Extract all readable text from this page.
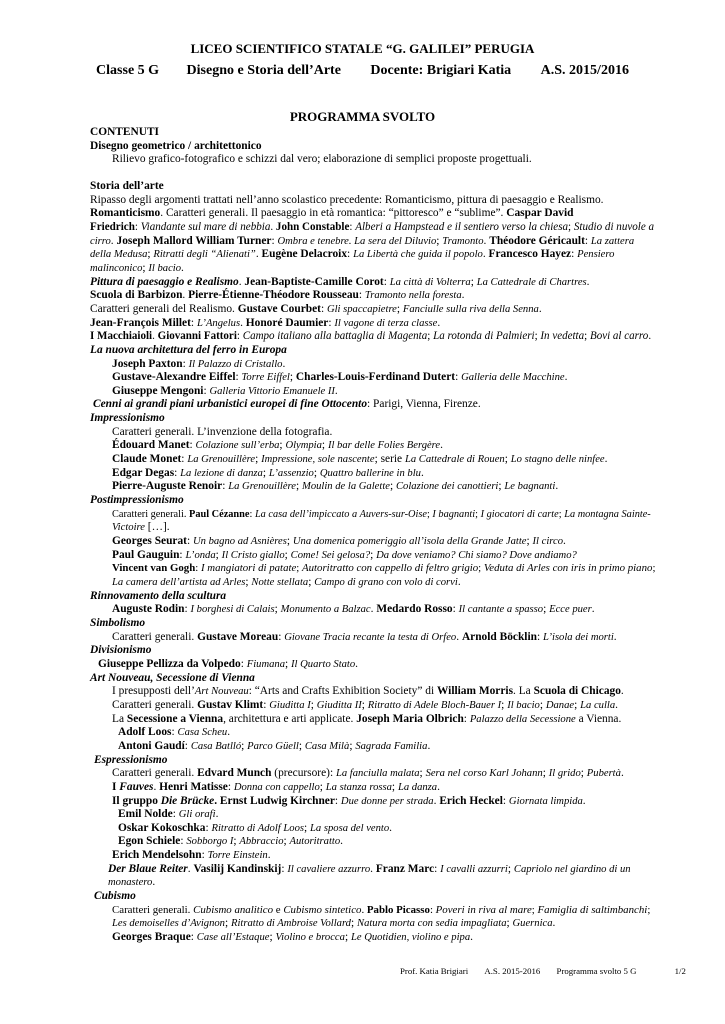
LICEO SCIENTIFICO STATALE “G. GALILEI” PERUGIA
Classe 5 G Disegno e Storia dell’Arte Docente: Brigiari Katia A.S. 2015/2016
PROGRAMMA SVOLTO
CONTENUTI
Disegno geometrico / architettonico
Rilievo grafico-fotografico e schizzi dal vero; elaborazione di semplici proposte progettuali.
Storia dell’arte
Ripasso degli argomenti trattati nell’anno scolastico precedente: Romanticismo, pittura di paesaggio e Realismo.
Romanticismo. Caratteri generali. Il paesaggio in età romantica: “pittoresco” e “sublime”. Caspar David
Friedrich: Viandante sul mare di nebbia. John Constable: Alberi a Hampstead e il sentiero verso la chiesa; Studio di nuvole a
cirro. Joseph Mallord William Turner: Ombra e tenebre. La sera del Diluvio; Tramonto. Théodore Géricault: La zattera
della Medusa; Ritratti degli “Alienati”. Eugène Delacroix: La Libertà che guida il popolo. Francesco Hayez: Pensiero
malinconico; Il bacio.
Pittura di paesaggio e Realismo. Jean-Baptiste-Camille Corot: La città di Volterra; La Cattedrale di Chartres.
Scuola di Barbizon. Pierre-Étienne-Théodore Rousseau: Tramonto nella foresta.
Caratteri generali del Realismo. Gustave Courbet: Gli spaccapietre; Fanciulle sulla riva della Senna.
Jean-François Millet: L’Angelus. Honoré Daumier: Il vagone di terza classe.
I Macchiaioli. Giovanni Fattori: Campo italiano alla battaglia di Magenta; La rotonda di Palmieri; In vedetta; Bovi al carro.
La nuova architettura del ferro in Europa
Joseph Paxton: Il Palazzo di Cristallo.
Gustave-Alexandre Eiffel: Torre Eiffel; Charles-Louis-Ferdinand Dutert: Galleria delle Macchine.
Giuseppe Mengoni: Galleria Vittorio Emanuele II.
Cenni ai grandi piani urbanistici europei di fine Ottocento: Parigi, Vienna, Firenze.
Impressionismo
Caratteri generali. L’invenzione della fotografia.
Édouard Manet: Colazione sull’erba; Olympia; Il bar delle Folies Bergère.
Claude Monet: La Grenouillère; Impressione, sole nascente; serie La Cattedrale di Rouen; Lo stagno delle ninfee.
Edgar Degas: La lezione di danza; L’assenzio; Quattro ballerine in blu.
Pierre-Auguste Renoir: La Grenouillère; Moulin de la Galette; Colazione dei canottieri; Le bagnanti.
Postimpressionismo
Caratteri generali. Paul Cézanne: La casa dell’impiccato a Auvers-sur-Oise; I bagnanti; I giocatori di carte; La montagna Sainte-
Victoire […].
Georges Seurat: Un bagno ad Asnières; Una domenica pomeriggio all’isola della Grande Jatte; Il circo.
Paul Gauguin: L’onda; Il Cristo giallo; Come! Sei gelosa?; Da dove veniamo? Chi siamo? Dove andiamo?
Vincent van Gogh: I mangiatori di patate; Autoritratto con cappello di feltro grigio; Veduta di Arles con iris in primo piano;
La camera dell’artista ad Arles; Notte stellata; Campo di grano con volo di corvi.
Rinnovamento della scultura
Auguste Rodin: I borghesi di Calais; Monumento a Balzac. Medardo Rosso: Il cantante a spasso; Ecce puer.
Simbolismo
Caratteri generali. Gustave Moreau: Giovane Tracia recante la testa di Orfeo. Arnold Böcklin: L’isola dei morti.
Divisionismo
Giuseppe Pellizza da Volpedo: Fiumana; Il Quarto Stato.
Art Nouveau, Secessione di Vienna
I presupposti dell’Art Nouveau: “Arts and Crafts Exhibition Society” di William Morris. La Scuola di Chicago.
Caratteri generali. Gustav Klimt: Giuditta I; Giuditta II; Ritratto di Adele Bloch-Bauer I; Il bacio; Danae; La culla.
La Secessione a Vienna, architettura e arti applicate. Joseph Maria Olbrich: Palazzo della Secessione a Vienna.
Adolf Loos: Casa Scheu.
Antoni Gaudí: Casa Batlló; Parco Güell; Casa Milà; Sagrada Familia.
Espressionismo
Caratteri generali. Edvard Munch (precursore): La fanciulla malata; Sera nel corso Karl Johann; Il grido; Pubertà.
I Fauves. Henri Matisse: Donna con cappello; La stanza rossa; La danza.
Il gruppo Die Brücke. Ernst Ludwig Kirchner: Due donne per strada. Erich Heckel: Giornata limpida.
Emil Nolde: Gli orafi.
Oskar Kokoschka: Ritratto di Adolf Loos; La sposa del vento.
Egon Schiele: Sobborgo I; Abbraccio; Autoritratto.
Erich Mendelsohn: Torre Einstein.
Der Blaue Reiter. Vasilij Kandinskij: Il cavaliere azzurro. Franz Marc: I cavalli azzurri; Capriolo nel giardino di un
monastero.
Cubismo
Caratteri generali. Cubismo analitico e Cubismo sintetico. Pablo Picasso: Poveri in riva al mare; Famiglia di saltimbanchi;
Les demoiselles d’Avignon; Ritratto di Ambroise Vollard; Natura morta con sedia impagliata; Guernica.
Georges Braque: Case all’Estaque; Violino e brocca; Le Quotidien, violino e pipa.
Prof. Katia Brigiari A.S. 2015-2016 Programma svolto 5 G	1/2
